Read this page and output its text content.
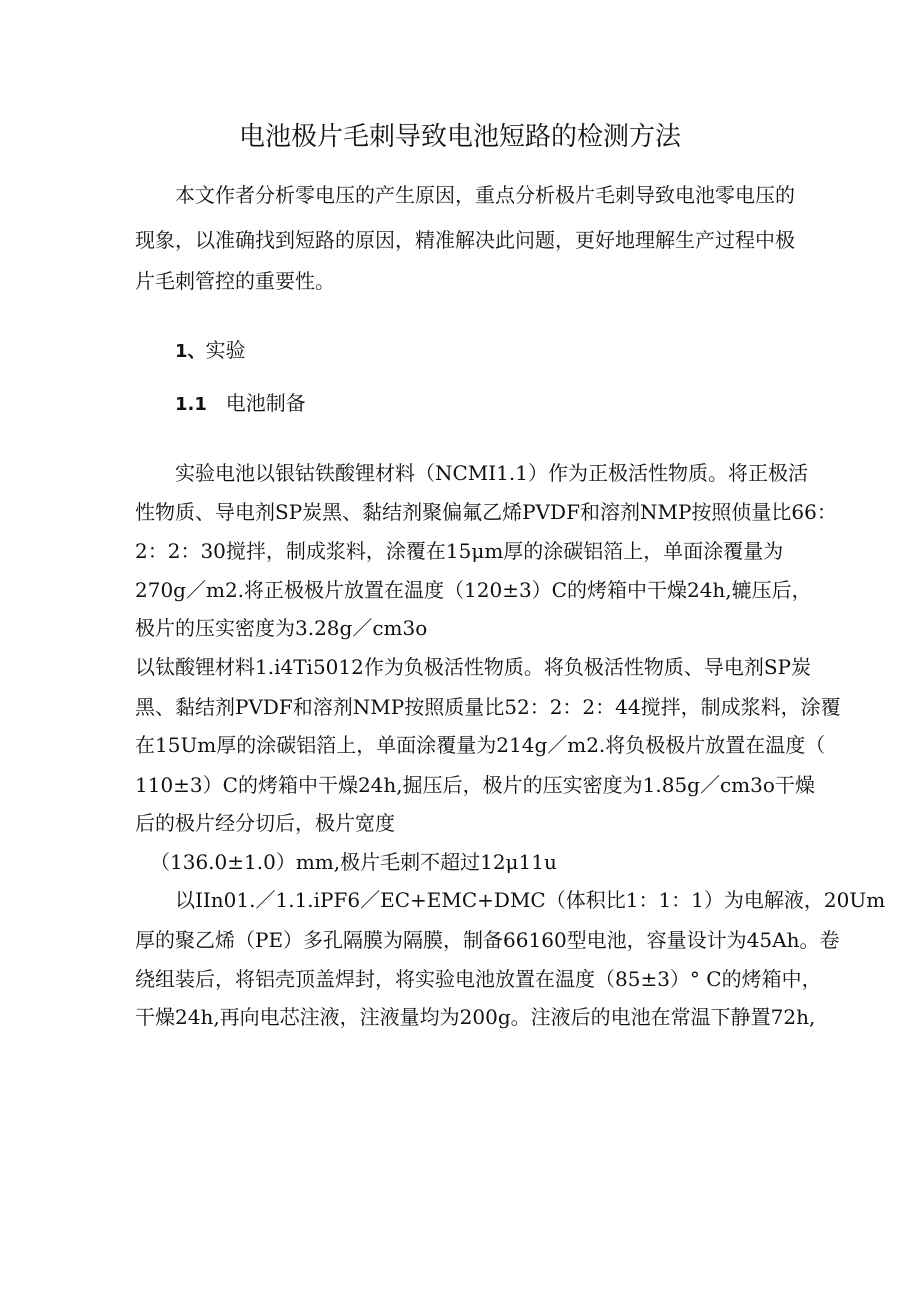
电池极片毛刺导致电池短路的检测方法
本文作者分析零电压的产生原因，重点分析极片毛刺导致电池零电压的
现象，以准确找到短路的原因，精准解决此问题，更好地理解生产过程中极
片毛刺管控的重要性。
1、实验
1.1 电池制备
实验电池以银钴铁酸锂材料（NCMI1.1）作为正极活性物质。将正极活
性物质、导电剂SP炭黑、黏结剂聚偏氟乙烯PVDF和溶剂NMP按照侦量比66：
2：2：30搅拌，制成浆料，涂覆在15μm厚的涂碳铝箔上，单面涂覆量为
270g／m2.将正极极片放置在温度（120±3）C的烤箱中干燥24h,辘压后，
极片的压实密度为3.28g／cm3o
以钛酸锂材料1.i4Ti5012作为负极活性物质。将负极活性物质、导电剂SP炭
黑、黏结剂PVDF和溶剂NMP按照质量比52：2：2：44搅拌，制成浆料，涂覆
在15Um厚的涂碳铝箔上，单面涂覆量为214g／m2.将负极极片放置在温度（
110±3）C的烤箱中干燥24h,掘压后，极片的压实密度为1.85g／cm3o干燥
后的极片经分切后，极片宽度
（136.0±1.0）mm,极片毛刺不超过12μ11u
以IIn01.／1.1.iPF6／EC+EMC+DMC（体积比1：1：1）为电解液，20Um
厚的聚乙烯（PE）多孔隔膜为隔膜，制备66160型电池，容量设计为45Ah。卷
绕组装后，将铝壳顶盖焊封，将实验电池放置在温度（85±3）° C的烤箱中，
干燥24h,再向电芯注液，注液量均为200g。注液后的电池在常温下静置72h,
